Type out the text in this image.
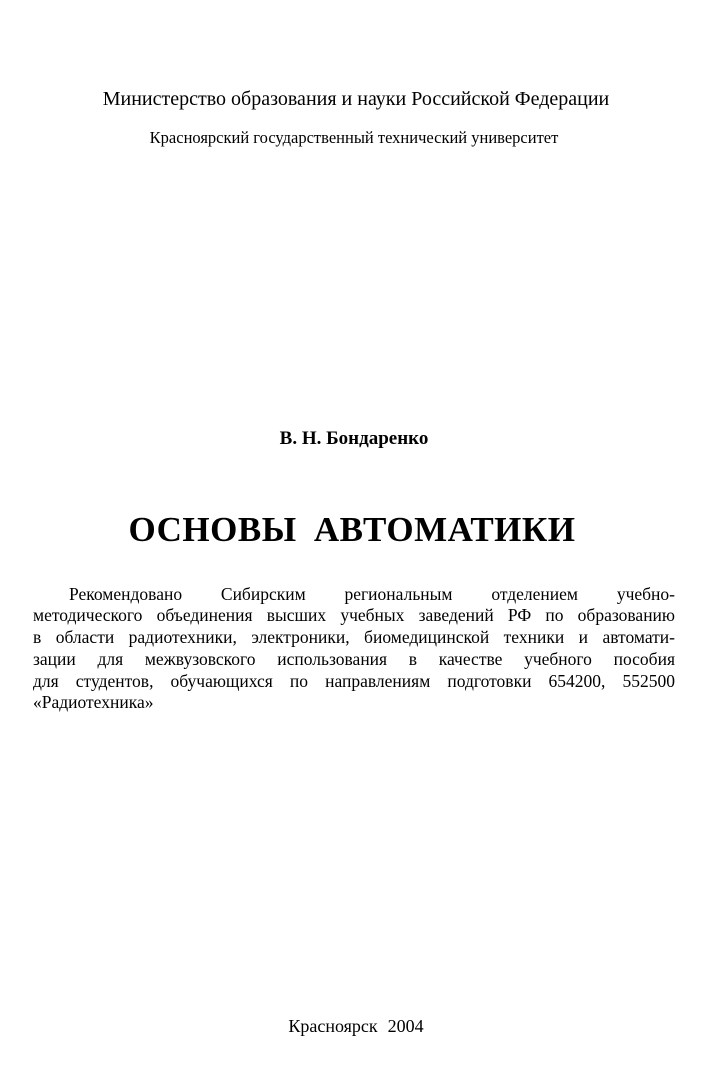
Министерство образования и науки Российской Федерации
Красноярский государственный технический университет
В. Н. Бондаренко
ОСНОВЫ АВТОМАТИКИ
Рекомендовано Сибирским региональным отделением учебно-
методического объединения высших учебных заведений РФ по образованию
в области радиотехники, электроники, биомедицинской техники и автомати-
зации для межвузовского использования в качестве учебного пособия
для студентов, обучающихся по направлениям подготовки 654200, 552500
«Радиотехника»
Красноярск 2004
